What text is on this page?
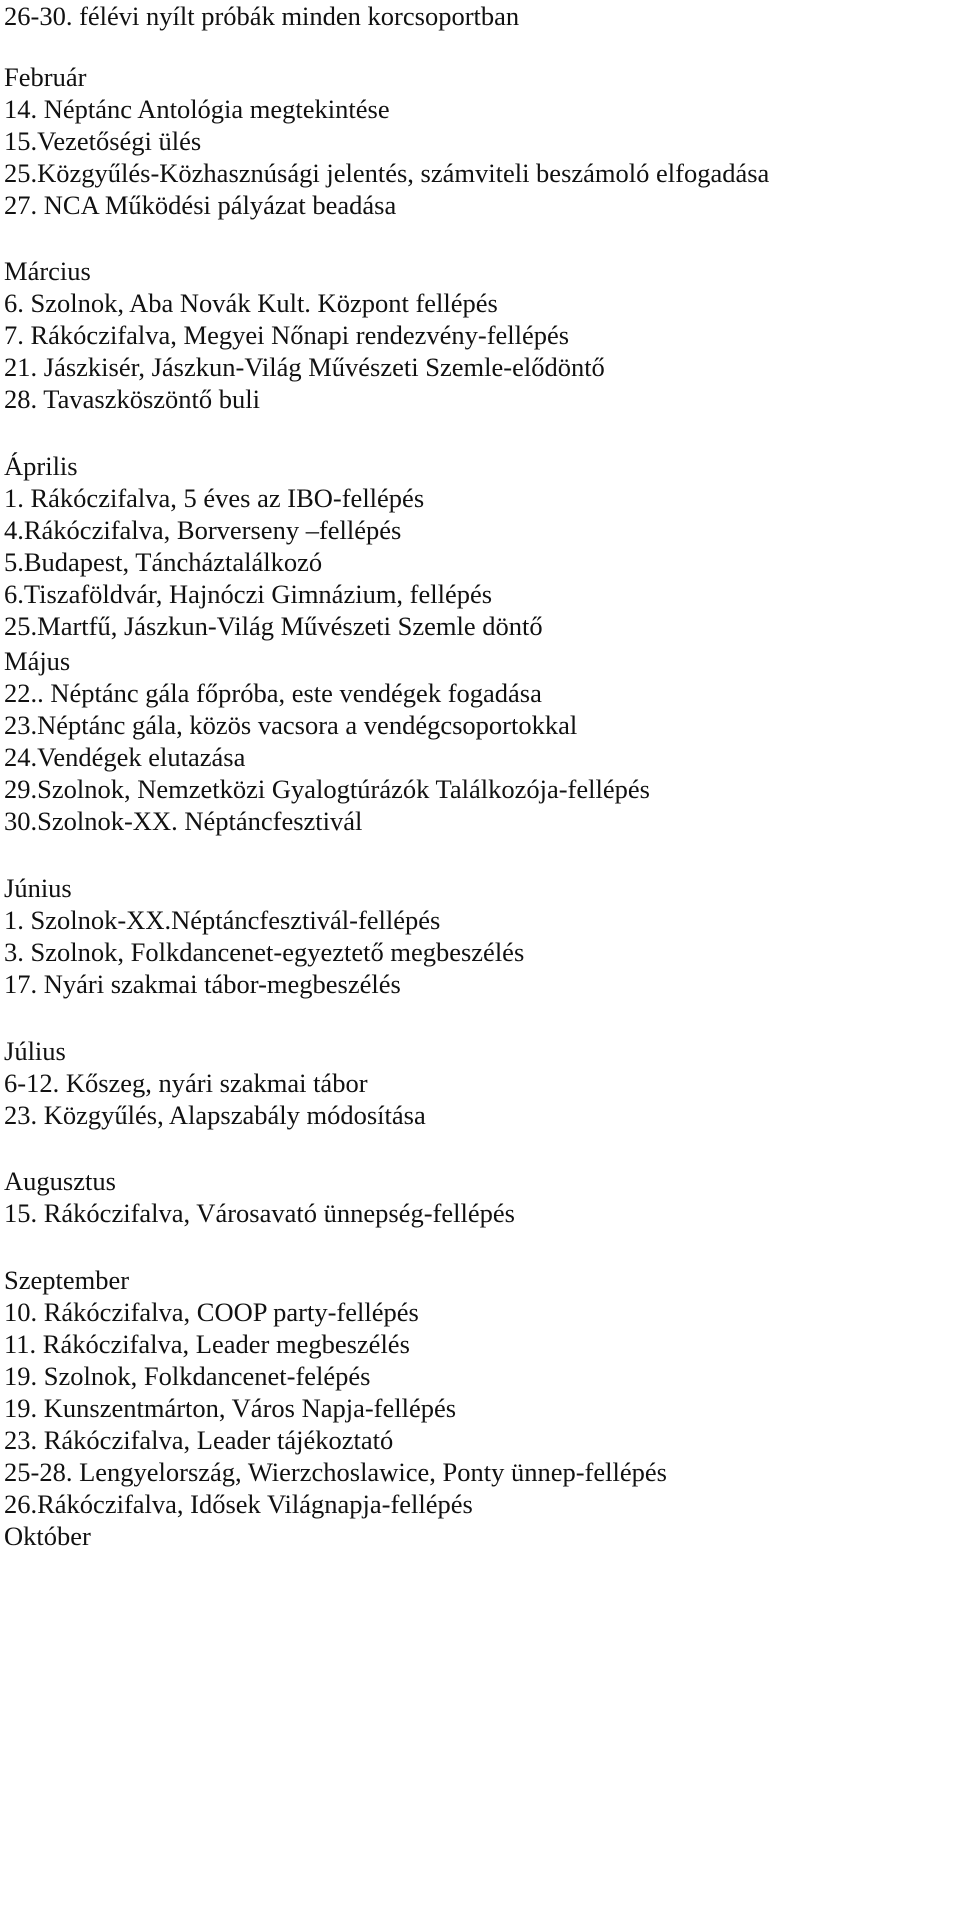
26-30. félévi nyílt próbák minden korcsoportban

Február

14. Néptánc Antológia megtekintése

15.Vezetőségi ülés

25.Közgyűlés-Közhasznúsági jelentés, számviteli beszámoló elfogadása

27. NCA Működési pályázat beadása

Március

6. Szolnok, Aba Novák Kult. Központ fellépés

7. Rákóczifalva, Megyei Nőnapi rendezvény-fellépés

21. Jászkisér, Jászkun-Világ Művészeti Szemle-elődöntő

28. Tavaszköszöntő buli

Április

1. Rákóczifalva, 5 éves az IBO-fellépés

4.Rákóczifalva, Borverseny –fellépés

5.Budapest, Táncháztalálkozó

6.Tiszaföldvár, Hajnóczi Gimnázium, fellépés

25.Martfű, Jászkun-Világ Művészeti Szemle döntő

Május

22.. Néptánc gála főpróba, este vendégek fogadása

23.Néptánc gála, közös vacsora a vendégcsoportokkal

24.Vendégek elutazása

29.Szolnok, Nemzetközi Gyalogtúrázók Találkozója-fellépés

30.Szolnok-XX. Néptáncfesztivál

Június

1. Szolnok-XX.Néptáncfesztivál-fellépés

3. Szolnok, Folkdancenet-egyeztető megbeszélés

17. Nyári szakmai tábor-megbeszélés

Július

6-12. Kőszeg, nyári szakmai tábor

23. Közgyűlés, Alapszabály módosítása

Augusztus

15. Rákóczifalva, Városavató ünnepség-fellépés

Szeptember

10. Rákóczifalva, COOP party-fellépés

11. Rákóczifalva, Leader megbeszélés

19. Szolnok, Folkdancenet-felépés

19. Kunszentmárton, Város Napja-fellépés

23. Rákóczifalva, Leader tájékoztató

25-28. Lengyelország, Wierzchoslawice, Ponty ünnep-fellépés

26.Rákóczifalva, Idősek Világnapja-fellépés

Október
